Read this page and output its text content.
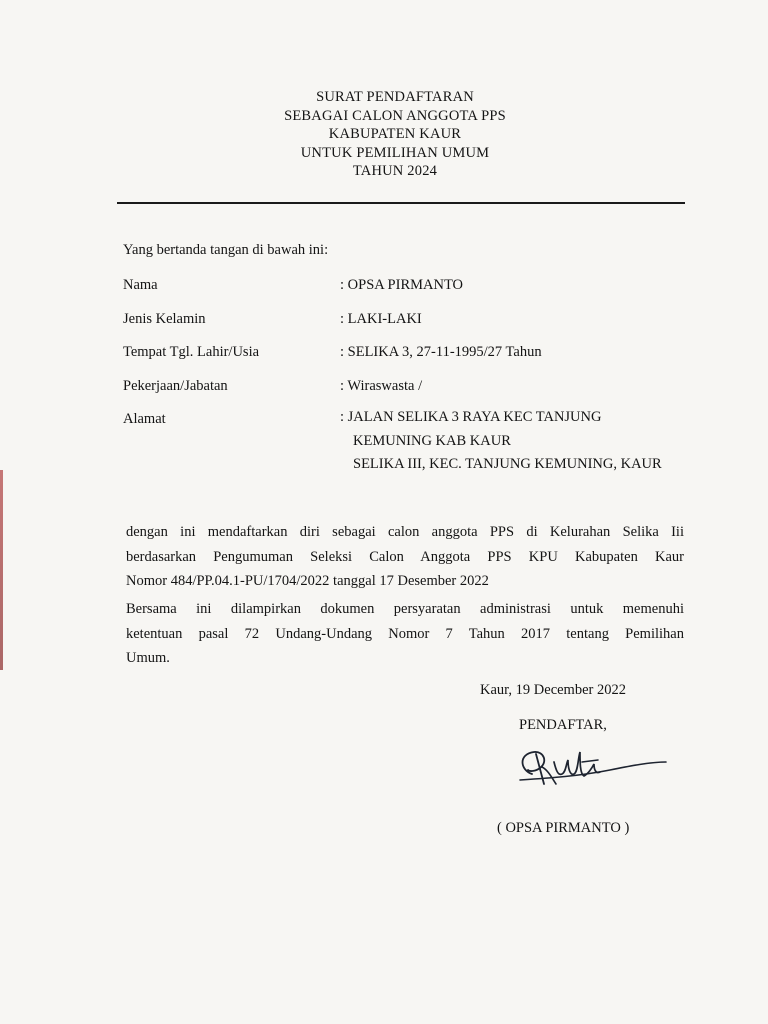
SURAT PENDAFTARAN
SEBAGAI CALON ANGGOTA PPS
KABUPATEN KAUR
UNTUK PEMILIHAN UMUM
TAHUN 2024
Yang bertanda tangan di bawah ini:
Nama	: OPSA PIRMANTO
Jenis Kelamin	: LAKI-LAKI
Tempat Tgl. Lahir/Usia	: SELIKA 3, 27-11-1995/27 Tahun
Pekerjaan/Jabatan	: Wiraswasta /
Alamat	: JALAN SELIKA 3 RAYA KEC TANJUNG
KEMUNING KAB KAUR
SELIKA III, KEC. TANJUNG KEMUNING, KAUR
dengan ini mendaftarkan diri sebagai calon anggota PPS di Kelurahan Selika Iii
berdasarkan Pengumuman Seleksi Calon Anggota PPS KPU Kabupaten Kaur
Nomor 484/PP.04.1-PU/1704/2022 tanggal 17 Desember 2022
Bersama ini dilampirkan dokumen persyaratan administrasi untuk memenuhi
ketentuan pasal 72 Undang-Undang Nomor 7 Tahun 2017 tentang Pemilihan
Umum.
Kaur, 19 December 2022
PENDAFTAR,
( OPSA PIRMANTO )
